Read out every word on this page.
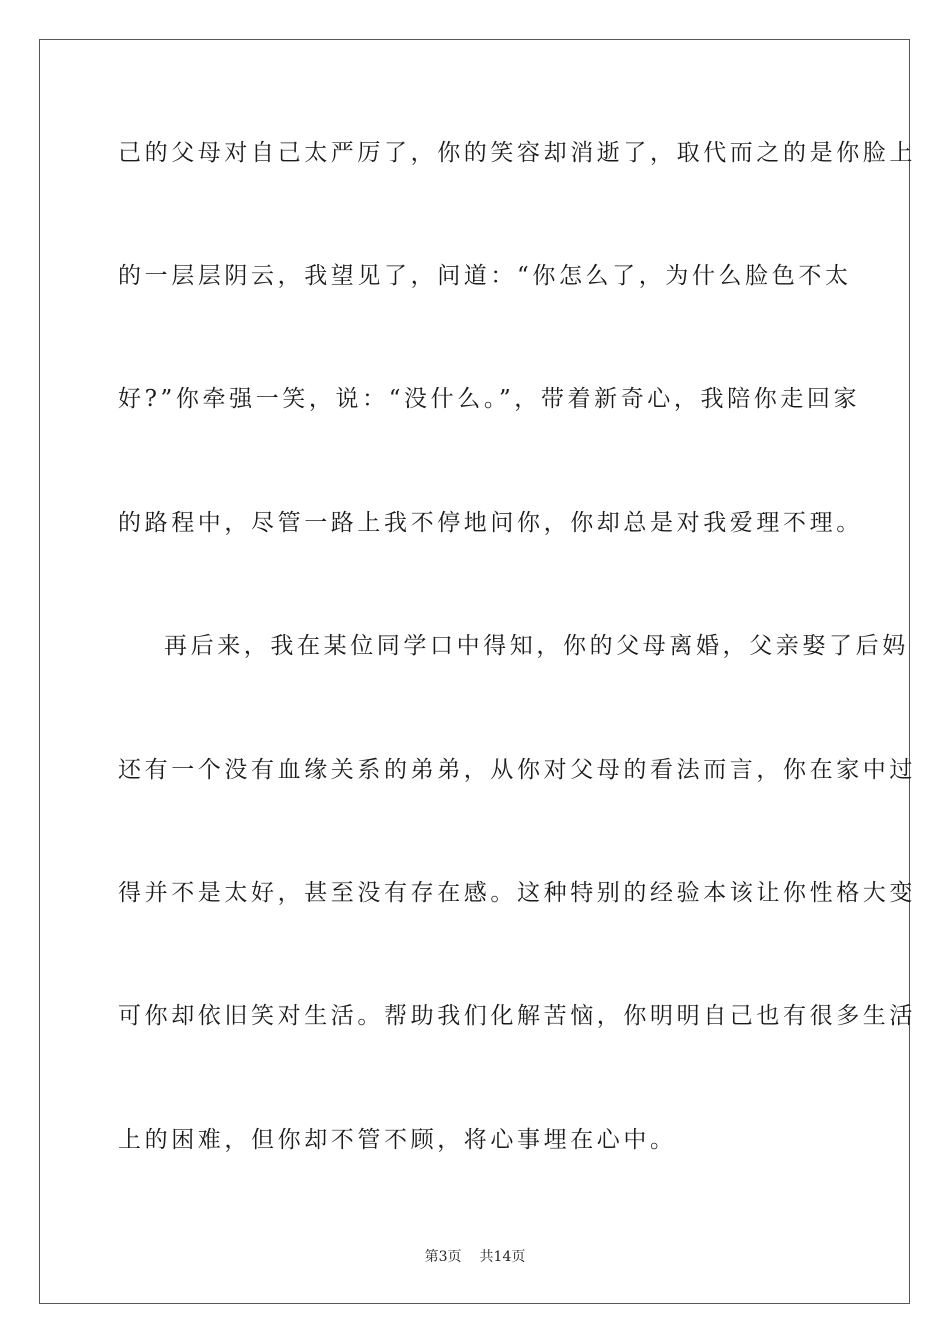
己的父母对自己太严厉了，你的笑容却消逝了，取代而之的是你脸上
的一层层阴云，我望见了，问道：“你怎么了，为什么脸色不太
好?”你牵强一笑，说：“没什么。”，带着新奇心，我陪你走回家
的路程中，尽管一路上我不停地问你，你却总是对我爱理不理。
再后来，我在某位同学口中得知，你的父母离婚，父亲娶了后妈
还有一个没有血缘关系的弟弟，从你对父母的看法而言，你在家中过
得并不是太好，甚至没有存在感。这种特别的经验本该让你性格大变
可你却依旧笑对生活。帮助我们化解苦恼，你明明自己也有很多生活
上的困难，但你却不管不顾，将心事埋在心中。
第3页 共14页
